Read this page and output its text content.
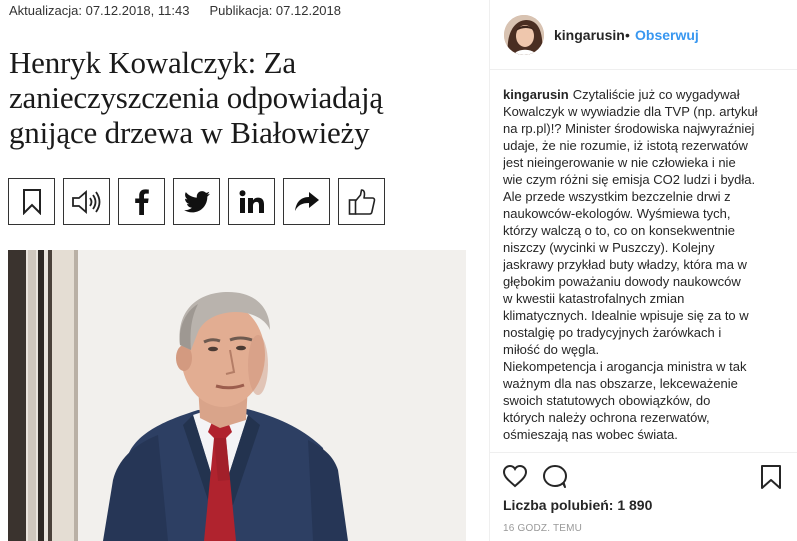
Aktualizacja: 07.12.2018, 11:43 Publikacja: 07.12.2018
Henryk Kowalczyk: Za
zanieczyszczenia odpowiadają
gnijące drzewa w Białowieży
kingarusin • Obserwuj
kingarusin Czytaliście już co wygadywał
Kowalczyk w wywiadzie dla TVP (np. artykuł
na rp.pl)!? Minister środowiska najwyraźniej
udaje, że nie rozumie, iż istotą rezerwatów
jest nieingerowanie w nie człowieka i nie
wie czym różni się emisja CO2 ludzi i bydła.
Ale przede wszystkim bezczelnie drwi z
naukowców-ekologów. Wyśmiewa tych,
którzy walczą o to, co on konsekwentnie
niszczy (wycinki w Puszczy). Kolejny
jaskrawy przykład buty władzy, która ma w
głębokim poważaniu dowody naukowców
w kwestii katastrofalnych zmian
klimatycznych. Idealnie wpisuje się za to w
nostalgię po tradycyjnych żarówkach i
miłość do węgla.
Niekompetencja i arogancja ministra w tak
ważnym dla nas obszarze, lekceważenie
swoich statutowych obowiązków, do
których należy ochrona rezerwatów,
ośmieszają nas wobec świata.
Liczba polubień: 1 890
16 GODZ. TEMU
